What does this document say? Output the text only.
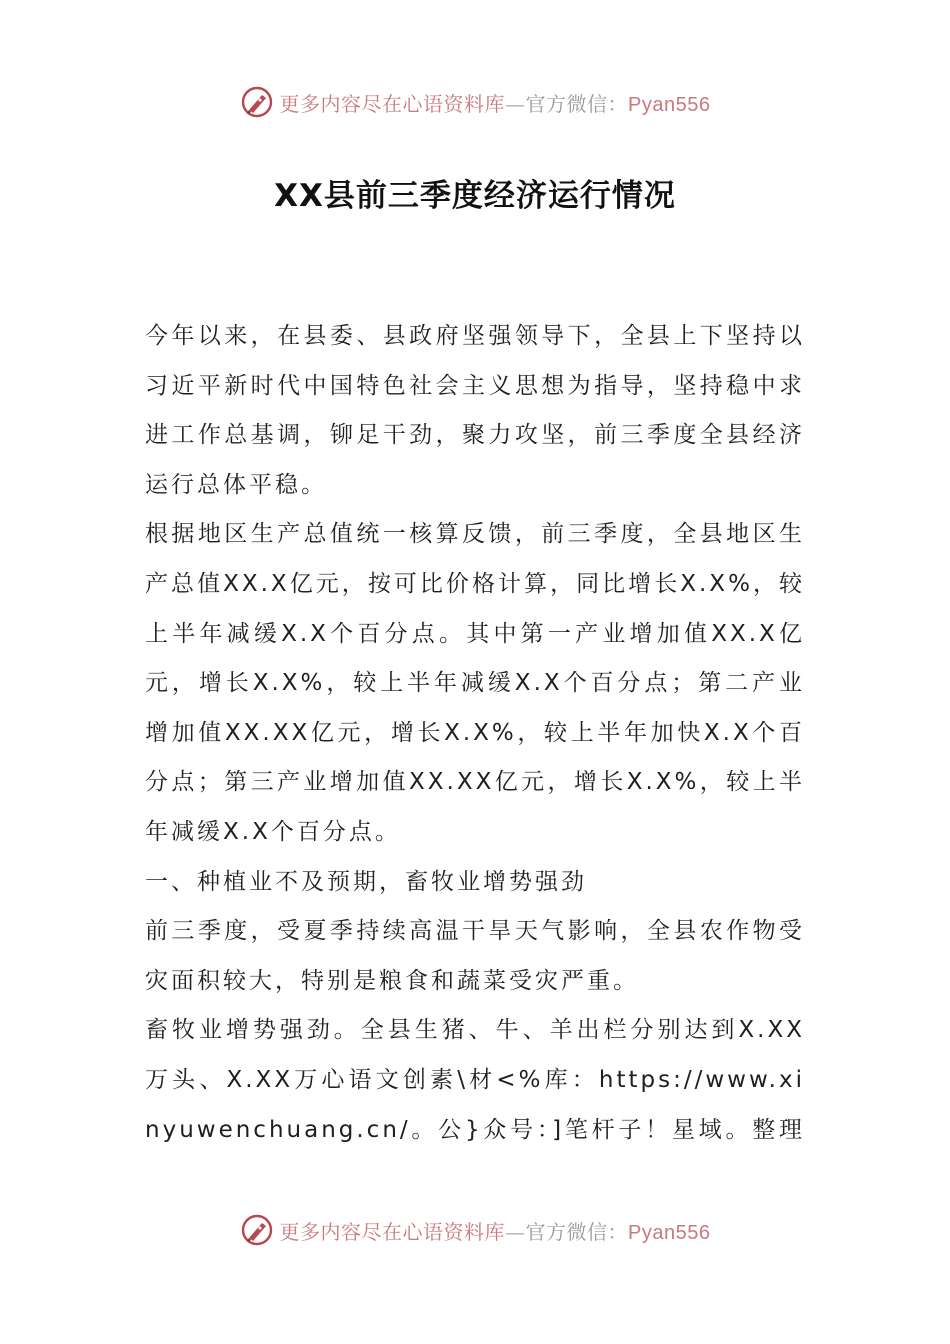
更多内容尽在心语资料库—官方微信：Pyan556
XX县前三季度经济运行情况

今年以来，在县委、县政府坚强领导下，全县上下坚持以习近平新时代中国特色社会主义思想为指导，坚持稳中求进工作总基调，铆足干劲，聚力攻坚，前三季度全县经济运行总体平稳。

根据地区生产总值统一核算反馈，前三季度，全县地区生产总值XX.X亿元，按可比价格计算，同比增长X.X%，较上半年减缓X.X个百分点。其中第一产业增加值XX.X亿元，增长X.X%，较上半年减缓X.X个百分点；第二产业增加值XX.XX亿元，增长X.X%，较上半年加快X.X个百分点；第三产业增加值XX.XX亿元，增长X.X%，较上半年减缓X.X个百分点。

一、种植业不及预期，畜牧业增势强劲

前三季度，受夏季持续高温干旱天气影响，全县农作物受灾面积较大，特别是粮食和蔬菜受灾严重。

畜牧业增势强劲。全县生猪、牛、羊出栏分别达到X.XX万头、X.XX万心语文创素\材<%库：https://www.xinyuwenchuang.cn/。公}众号：]笔杆子！星域。整理

更多内容尽在心语资料库—官方微信：Pyan556
